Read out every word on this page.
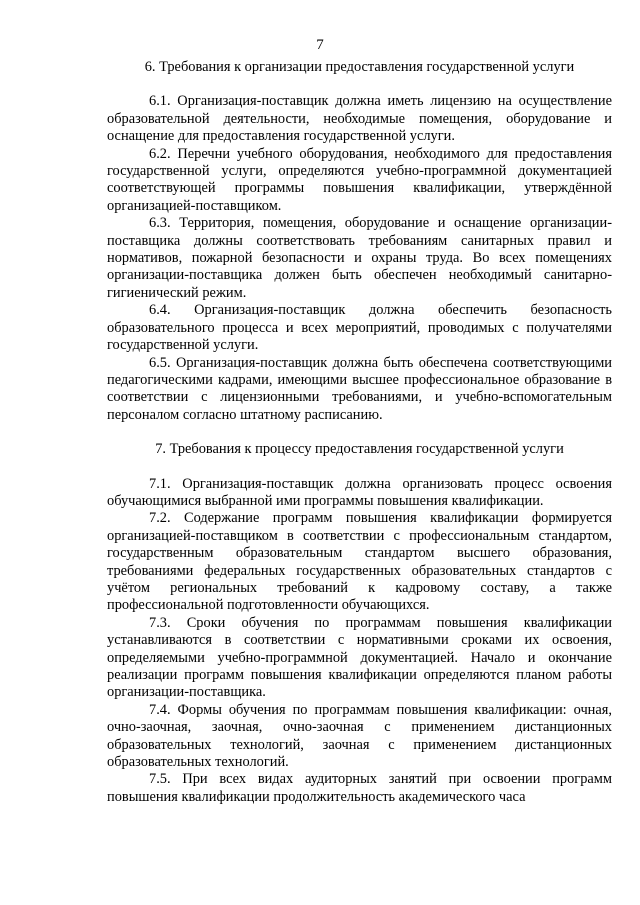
7

6. Требования к организации предоставления государственной услуги

6.1. Организация-поставщик должна иметь лицензию на осуществление образовательной деятельности, необходимые помещения, оборудование и оснащение для предоставления государственной услуги.

6.2. Перечни учебного оборудования, необходимого для предоставления государственной услуги, определяются учебно-программной документацией соответствующей программы повышения квалификации, утверждённой организацией-поставщиком.

6.3. Территория, помещения, оборудование и оснащение организации-поставщика должны соответствовать требованиям санитарных правил и нормативов, пожарной безопасности и охраны труда. Во всех помещениях организации-поставщика должен быть обеспечен необходимый санитарно-гигиенический режим.

6.4. Организация-поставщик должна обеспечить безопасность образовательного процесса и всех мероприятий, проводимых с получателями государственной услуги.

6.5. Организация-поставщик должна быть обеспечена соответствующими педагогическими кадрами, имеющими высшее профессиональное образование в соответствии с лицензионными требованиями, и учебно-вспомогательным персоналом согласно штатному расписанию.

7. Требования к процессу предоставления государственной услуги

7.1. Организация-поставщик должна организовать процесс освоения обучающимися выбранной ими программы повышения квалификации.

7.2. Содержание программ повышения квалификации формируется организацией-поставщиком в соответствии с профессиональным стандартом, государственным образовательным стандартом высшего образования, требованиями федеральных государственных образовательных стандартов с учётом региональных требований к кадровому составу, а также профессиональной подготовленности обучающихся.

7.3. Сроки обучения по программам повышения квалификации устанавливаются в соответствии с нормативными сроками их освоения, определяемыми учебно-программной документацией. Начало и окончание реализации программ повышения квалификации определяются планом работы организации-поставщика.

7.4. Формы обучения по программам повышения квалификации: очная, очно-заочная, заочная, очно-заочная с применением дистанционных образовательных технологий, заочная с применением дистанционных образовательных технологий.

7.5. При всех видах аудиторных занятий при освоении программ повышения квалификации продолжительность академического часа
